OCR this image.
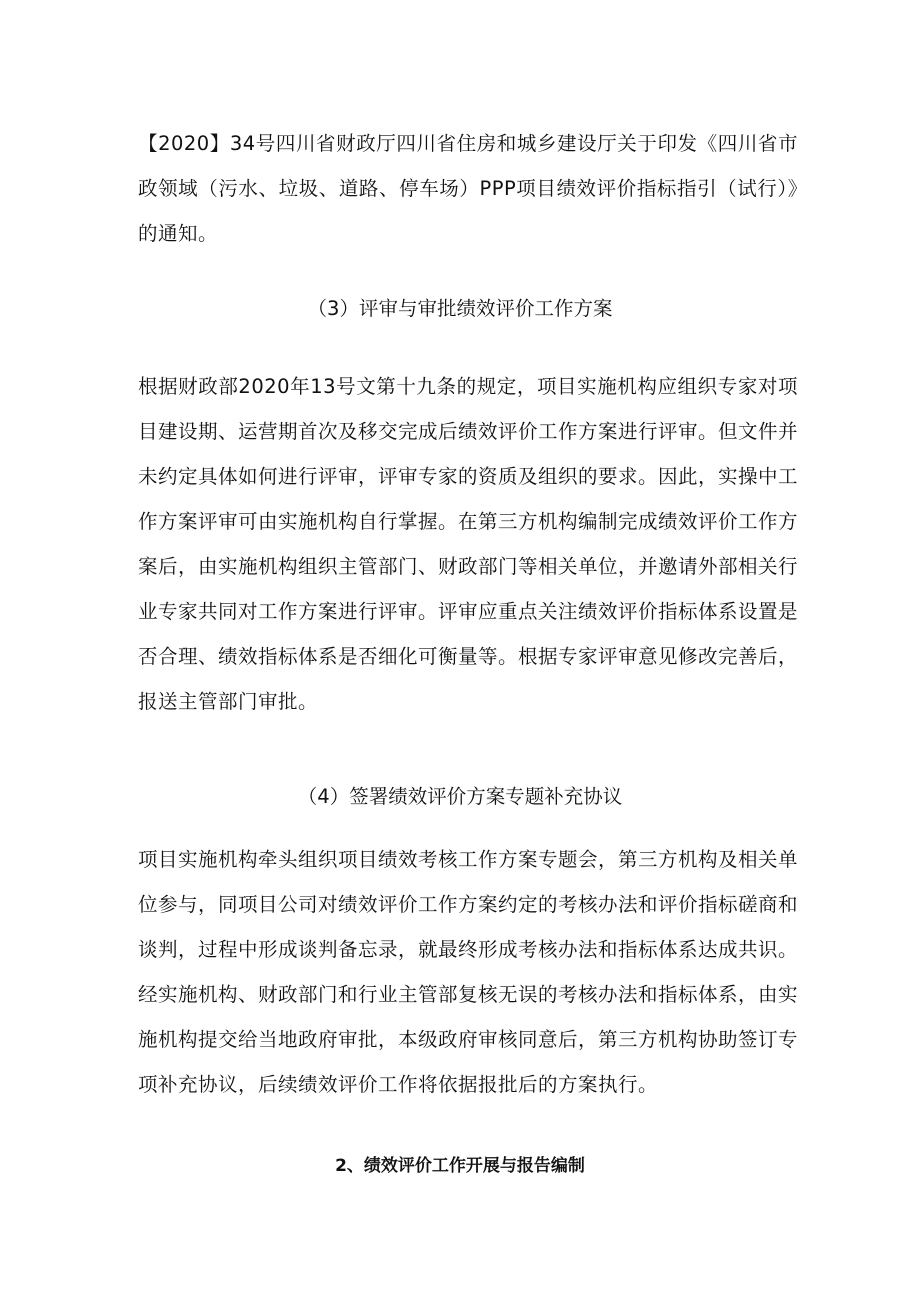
【2020】34号四川省财政厅四川省住房和城乡建设厅关于印发《四川省市政领域（污水、垃圾、道路、停车场）PPP项目绩效评价指标指引（试行）》的通知。

（3）评审与审批绩效评价工作方案

根据财政部2020年13号文第十九条的规定，项目实施机构应组织专家对项目建设期、运营期首次及移交完成后绩效评价工作方案进行评审。但文件并未约定具体如何进行评审，评审专家的资质及组织的要求。因此，实操中工作方案评审可由实施机构自行掌握。在第三方机构编制完成绩效评价工作方案后，由实施机构组织主管部门、财政部门等相关单位，并邀请外部相关行业专家共同对工作方案进行评审。评审应重点关注绩效评价指标体系设置是否合理、绩效指标体系是否细化可衡量等。根据专家评审意见修改完善后，报送主管部门审批。

（4）签署绩效评价方案专题补充协议

项目实施机构牵头组织项目绩效考核工作方案专题会，第三方机构及相关单位参与，同项目公司对绩效评价工作方案约定的考核办法和评价指标磋商和谈判，过程中形成谈判备忘录，就最终形成考核办法和指标体系达成共识。经实施机构、财政部门和行业主管部复核无误的考核办法和指标体系，由实施机构提交给当地政府审批，本级政府审核同意后，第三方机构协助签订专项补充协议，后续绩效评价工作将依据报批后的方案执行。

2、绩效评价工作开展与报告编制
